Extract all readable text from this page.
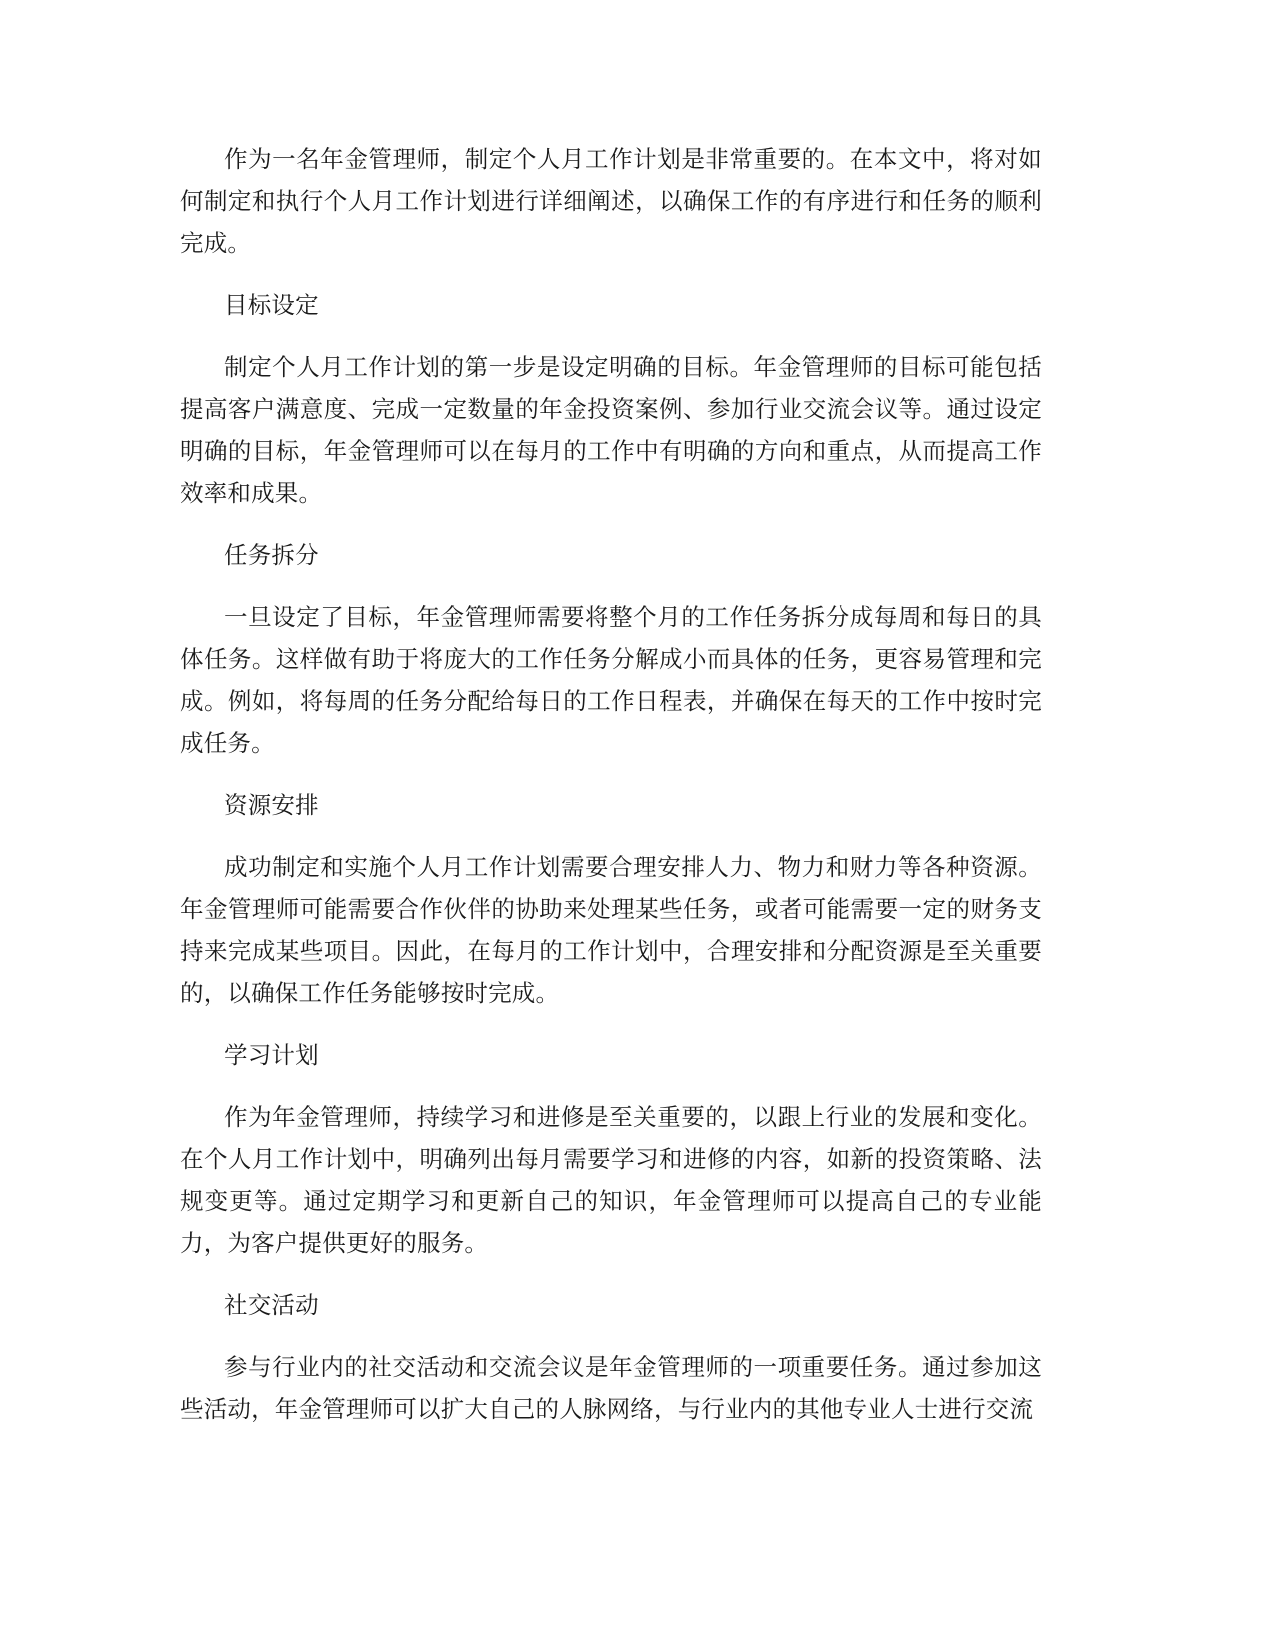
作为一名年金管理师，制定个人月工作计划是非常重要的。在本文中，将对如何制定和执行个人月工作计划进行详细阐述，以确保工作的有序进行和任务的顺利完成。

目标设定

制定个人月工作计划的第一步是设定明确的目标。年金管理师的目标可能包括提高客户满意度、完成一定数量的年金投资案例、参加行业交流会议等。通过设定明确的目标，年金管理师可以在每月的工作中有明确的方向和重点，从而提高工作效率和成果。

任务拆分

一旦设定了目标，年金管理师需要将整个月的工作任务拆分成每周和每日的具体任务。这样做有助于将庞大的工作任务分解成小而具体的任务，更容易管理和完成。例如，将每周的任务分配给每日的工作日程表，并确保在每天的工作中按时完成任务。

资源安排

成功制定和实施个人月工作计划需要合理安排人力、物力和财力等各种资源。年金管理师可能需要合作伙伴的协助来处理某些任务，或者可能需要一定的财务支持来完成某些项目。因此，在每月的工作计划中，合理安排和分配资源是至关重要的，以确保工作任务能够按时完成。

学习计划

作为年金管理师，持续学习和进修是至关重要的，以跟上行业的发展和变化。在个人月工作计划中，明确列出每月需要学习和进修的内容，如新的投资策略、法规变更等。通过定期学习和更新自己的知识，年金管理师可以提高自己的专业能力，为客户提供更好的服务。

社交活动

参与行业内的社交活动和交流会议是年金管理师的一项重要任务。通过参加这些活动，年金管理师可以扩大自己的人脉网络，与行业内的其他专业人士进行交流
